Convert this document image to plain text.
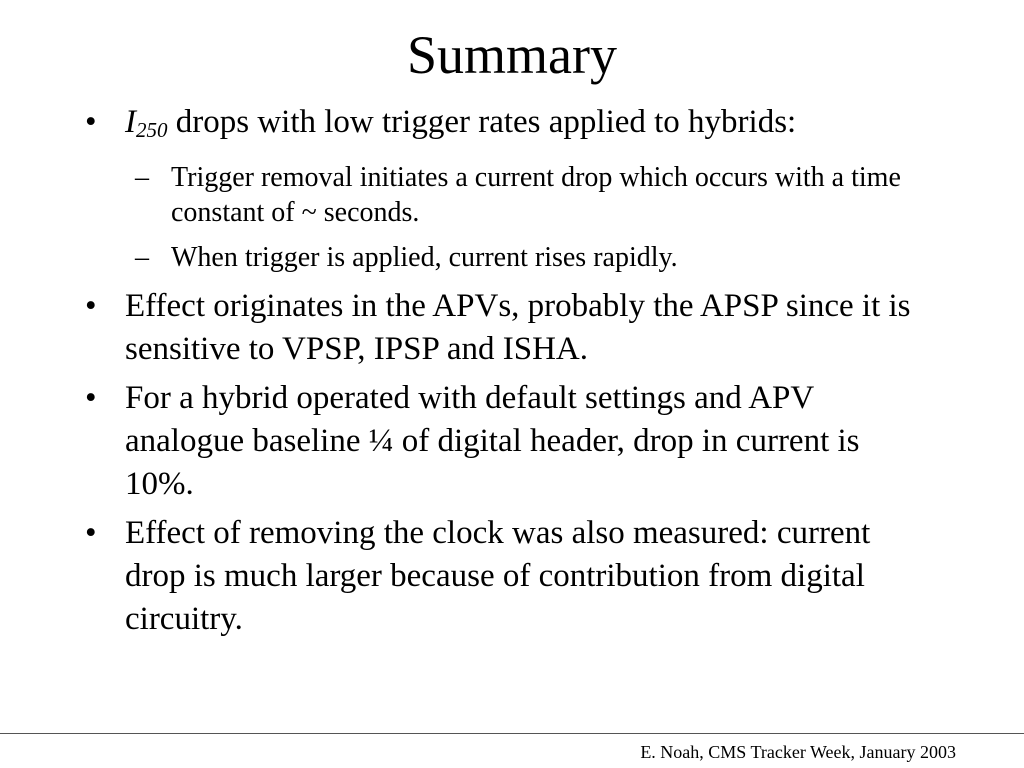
Summary
• $I_{250}$ drops with low trigger rates applied to hybrids:
– Trigger removal initiates a current drop which occurs with a time constant of ~ seconds.
– When trigger is applied, current rises rapidly.
• Effect originates in the APVs, probably the APSP since it is sensitive to VPSP, IPSP and ISHA.
• For a hybrid operated with default settings and APV analogue baseline ¼ of digital header, drop in current is 10%.
• Effect of removing the clock was also measured: current drop is much larger because of contribution from digital circuitry.
E. Noah, CMS Tracker Week, January 2003
